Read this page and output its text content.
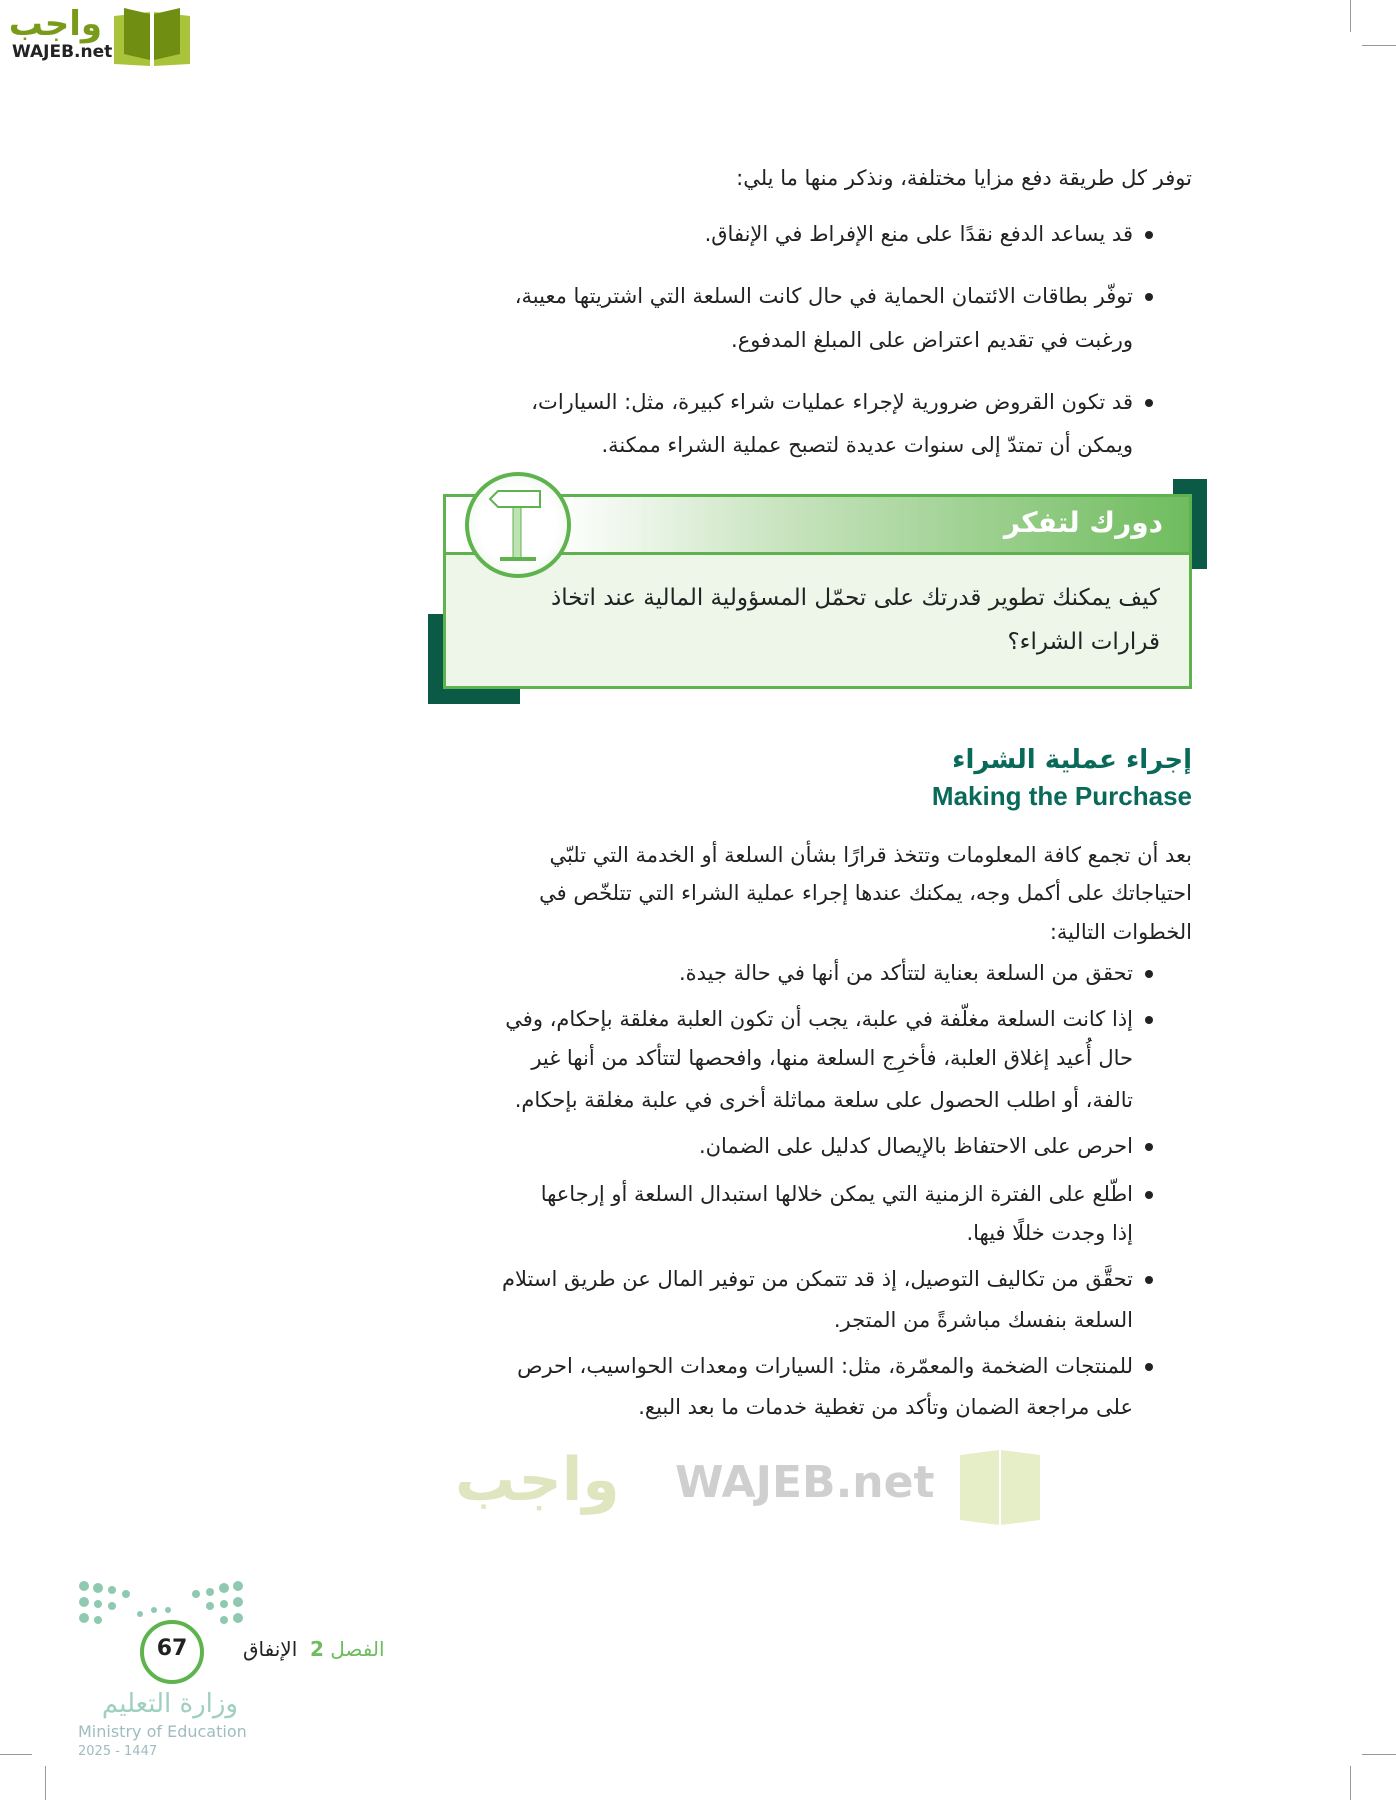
واجب
WAJEB.net
واجب WAJEB.net
توفر كل طريقة دفع مزايا مختلفة، ونذكر منها ما يلي:
قد يساعد الدفع نقدًا على منع الإفراط في الإنفاق.
توفّر بطاقات الائتمان الحماية في حال كانت السلعة التي اشتريتها معيبة،
ورغبت في تقديم اعتراض على المبلغ المدفوع.
قد تكون القروض ضرورية لإجراء عمليات شراء كبيرة، مثل: السيارات،
ويمكن أن تمتدّ إلى سنوات عديدة لتصبح عملية الشراء ممكنة.
دورك لتفكر
كيف يمكنك تطوير قدرتك على تحمّل المسؤولية المالية عند اتخاذ
قرارات الشراء؟
إجراء عملية الشراء
Making the Purchase
بعد أن تجمع كافة المعلومات وتتخذ قرارًا بشأن السلعة أو الخدمة التي تلبّي
احتياجاتك على أكمل وجه، يمكنك عندها إجراء عملية الشراء التي تتلخّص في
الخطوات التالية:
تحقق من السلعة بعناية لتتأكد من أنها في حالة جيدة.
إذا كانت السلعة مغلّفة في علبة، يجب أن تكون العلبة مغلقة بإحكام، وفي
حال أُعيد إغلاق العلبة، فأخرِج السلعة منها، وافحصها لتتأكد من أنها غير
تالفة، أو اطلب الحصول على سلعة مماثلة أخرى في علبة مغلقة بإحكام.
احرص على الاحتفاظ بالإيصال كدليل على الضمان.
اطّلع على الفترة الزمنية التي يمكن خلالها استبدال السلعة أو إرجاعها
إذا وجدت خللًا فيها.
تحقَّق من تكاليف التوصيل، إذ قد تتمكن من توفير المال عن طريق استلام
السلعة بنفسك مباشرةً من المتجر.
للمنتجات الضخمة والمعمّرة، مثل: السيارات ومعدات الحواسيب، احرص
على مراجعة الضمان وتأكد من تغطية خدمات ما بعد البيع.
67
وزارة التعليم
Ministry of Education
2025 - 1447
الفصل 2  الإنفاق
